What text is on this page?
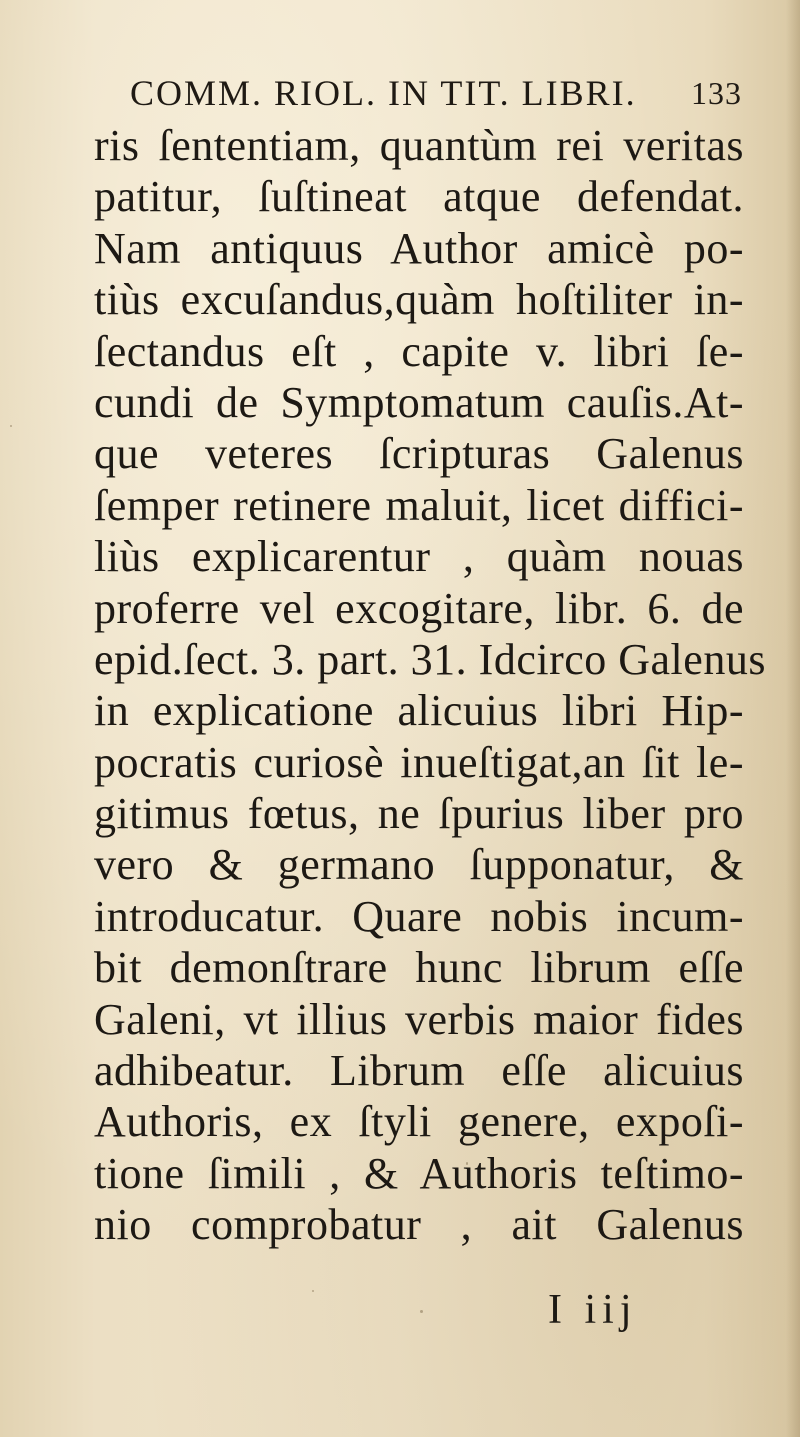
COMM. RIOL. IN TIT. LIBRI. 133
ris ſententiam, quantùm rei veritas
patitur, ſuſtineat atque defendat.
Nam antiquus Author amicè po-
tiùs excuſandus,quàm hoſtiliter in-
ſectandus eſt , capite v. libri ſe-
cundi de Symptomatum cauſis.At-
que veteres ſcripturas Galenus
ſemper retinere maluit, licet diffici-
liùs explicarentur , quàm nouas
proferre vel excogitare, libr. 6. de
epid.ſect. 3. part. 31. Idcirco Galenus
in explicatione alicuius libri Hip-
pocratis curiosè inueſtigat,an ſit le-
gitimus fœtus, ne ſpurius liber pro
vero & germano ſupponatur, &
introducatur. Quare nobis incum-
bit demonſtrare hunc librum eſſe
Galeni, vt illius verbis maior fides
adhibeatur. Librum eſſe alicuius
Authoris, ex ſtyli genere, expoſi-
tione ſimili , & Authoris teſtimo-
nio comprobatur , ait Galenus
I iij
